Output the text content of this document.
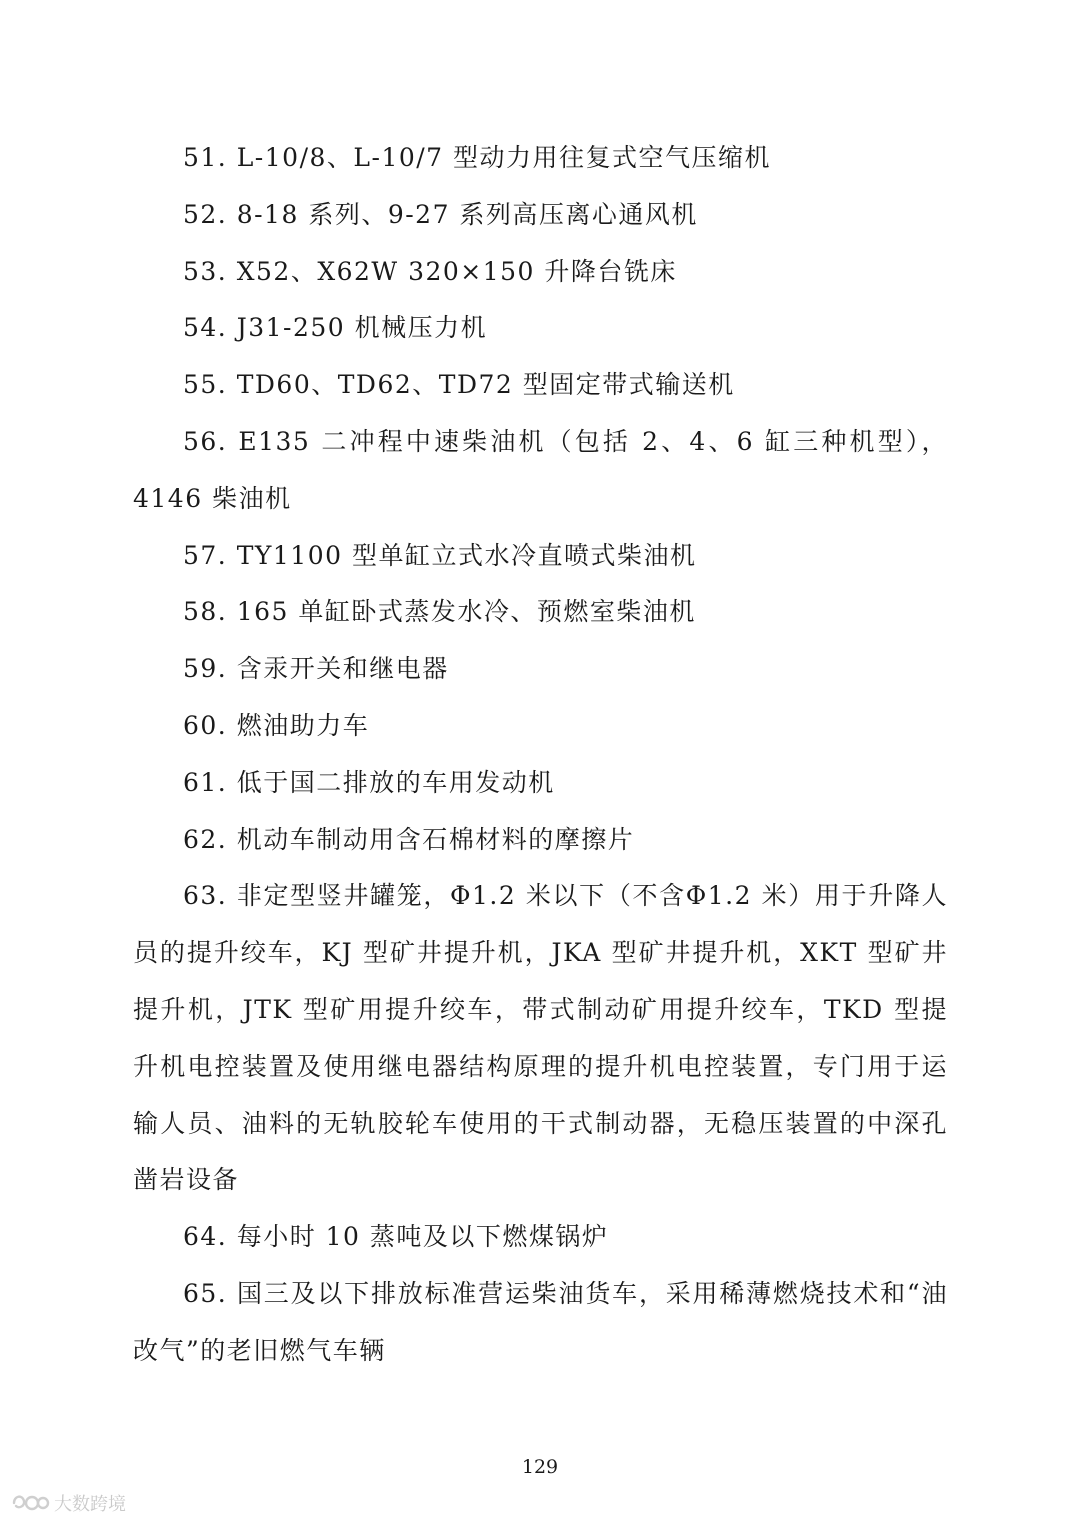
51. L-10/8、L-10/7 型动力用往复式空气压缩机

52. 8-18 系列、9-27 系列高压离心通风机

53. X52、X62W 320×150 升降台铣床

54. J31-250 机械压力机

55. TD60、TD62、TD72 型固定带式输送机

56. E135 二冲程中速柴油机（包括 2、4、6 缸三种机型），4146 柴油机

57. TY1100 型单缸立式水冷直喷式柴油机

58. 165 单缸卧式蒸发水冷、预燃室柴油机

59. 含汞开关和继电器

60. 燃油助力车

61. 低于国二排放的车用发动机

62. 机动车制动用含石棉材料的摩擦片

63. 非定型竖井罐笼，Φ1.2 米以下（不含Φ1.2 米）用于升降人员的提升绞车，KJ 型矿井提升机，JKA 型矿井提升机，XKT 型矿井提升机，JTK 型矿用提升绞车，带式制动矿用提升绞车，TKD 型提升机电控装置及使用继电器结构原理的提升机电控装置，专门用于运输人员、油料的无轨胶轮车使用的干式制动器，无稳压装置的中深孔凿岩设备

64. 每小时 10 蒸吨及以下燃煤锅炉

65. 国三及以下排放标准营运柴油货车，采用稀薄燃烧技术和“油改气”的老旧燃气车辆

129
大数跨境
